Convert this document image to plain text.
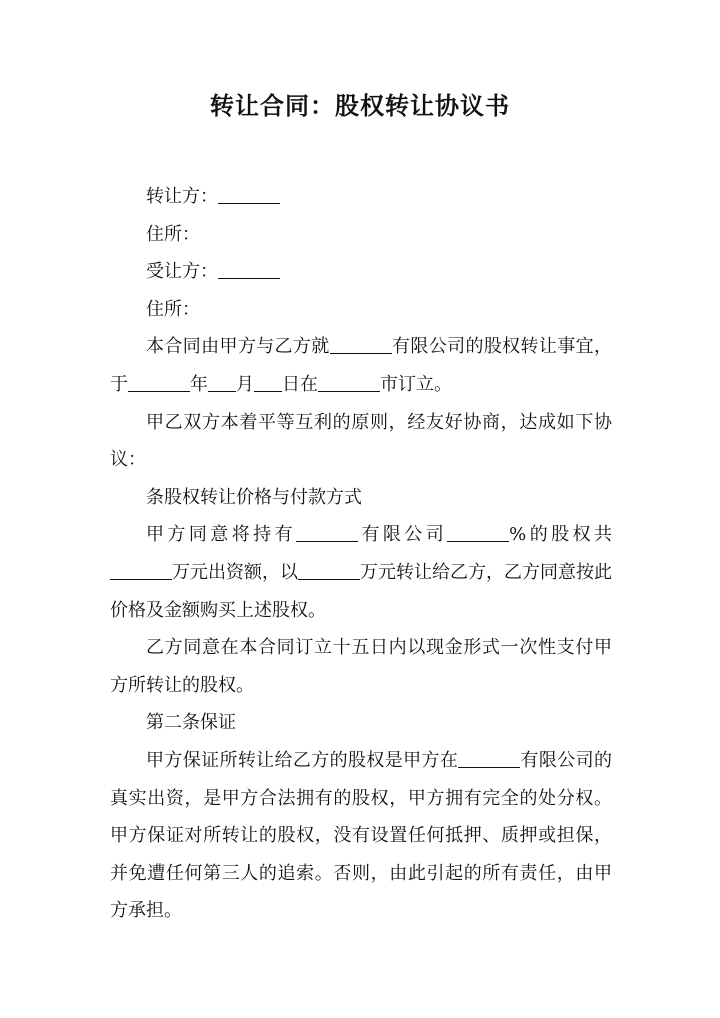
转让合同：股权转让协议书

转让方：

住所：

受让方：

住所：

本合同由甲方与乙方就	有限公司的股权转让事宜，于	年 月 日在	市订立。

甲乙双方本着平等互利的原则，经友好协商，达成如下协议：

条股权转让价格与付款方式

甲方同意将持有	有限公司	%的股权共万元出资额，以	万元转让给乙方，乙方同意按此价格及金额购买上述股权。

乙方同意在本合同订立十五日内以现金形式一次性支付甲方所转让的股权。

第二条保证

甲方保证所转让给乙方的股权是甲方在	有限公司的真实出资，是甲方合法拥有的股权，甲方拥有完全的处分权。甲方保证对所转让的股权，没有设置任何抵押、质押或担保，并免遭任何第三人的追索。否则，由此引起的所有责任，由甲方承担。
